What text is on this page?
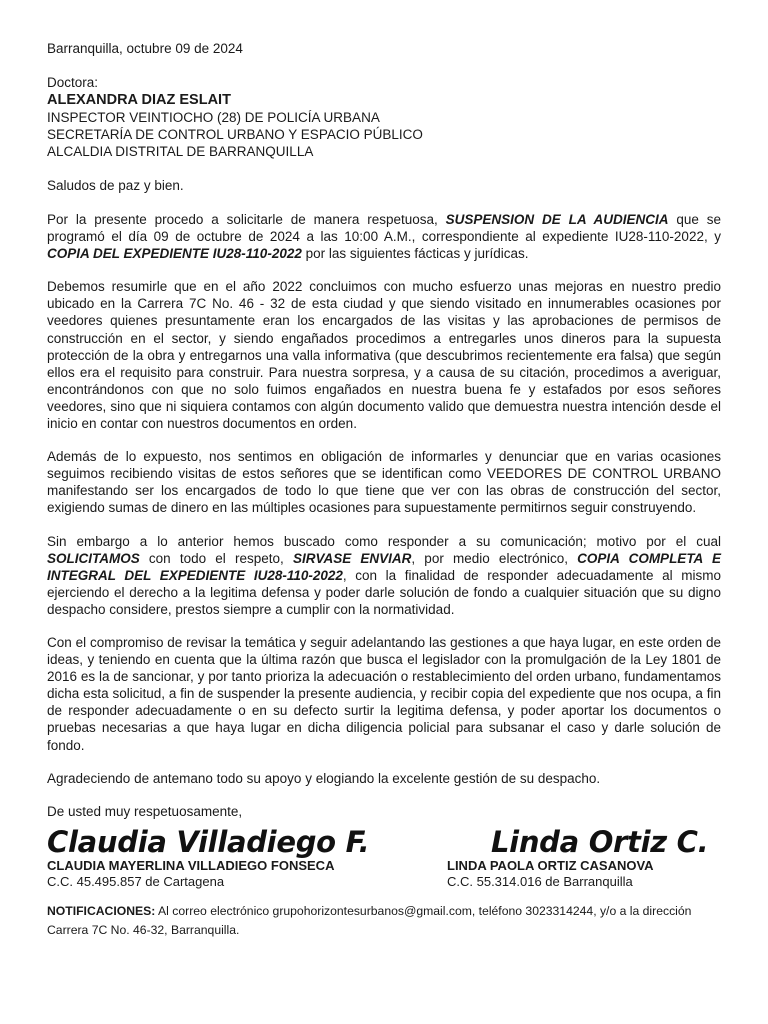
Barranquilla, octubre 09 de 2024
Doctora:
ALEXANDRA DIAZ ESLAIT
INSPECTOR VEINTIOCHO (28) DE POLICÍA URBANA
SECRETARÍA DE CONTROL URBANO Y ESPACIO PÚBLICO
ALCALDIA DISTRITAL DE BARRANQUILLA
Saludos de paz y bien.

Por la presente procedo a solicitarle de manera respetuosa, SUSPENSION DE LA AUDIENCIA que se programó el día 09 de octubre de 2024 a las 10:00 A.M., correspondiente al expediente IU28-110-2022, y COPIA DEL EXPEDIENTE IU28-110-2022 por las siguientes fácticas y jurídicas.

Debemos resumirle que en el año 2022 concluimos con mucho esfuerzo unas mejoras en nuestro predio ubicado en la Carrera 7C No. 46 - 32 de esta ciudad y que siendo visitado en innumerables ocasiones por veedores quienes presuntamente eran los encargados de las visitas y las aprobaciones de permisos de construcción en el sector, y siendo engañados procedimos a entregarles unos dineros para la supuesta protección de la obra y entregarnos una valla informativa (que descubrimos recientemente era falsa) que según ellos era el requisito para construir. Para nuestra sorpresa, y a causa de su citación, procedimos a averiguar, encontrándonos con que no solo fuimos engañados en nuestra buena fe y estafados por esos señores veedores, sino que ni siquiera contamos con algún documento valido que demuestra nuestra intención desde el inicio en contar con nuestros documentos en orden.

Además de lo expuesto, nos sentimos en obligación de informarles y denunciar que en varias ocasiones seguimos recibiendo visitas de estos señores que se identifican como VEEDORES DE CONTROL URBANO manifestando ser los encargados de todo lo que tiene que ver con las obras de construcción del sector, exigiendo sumas de dinero en las múltiples ocasiones para supuestamente permitirnos seguir construyendo.

Sin embargo a lo anterior hemos buscado como responder a su comunicación; motivo por el cual SOLICITAMOS con todo el respeto, SIRVASE ENVIAR, por medio electrónico, COPIA COMPLETA E INTEGRAL DEL EXPEDIENTE IU28-110-2022, con la finalidad de responder adecuadamente al mismo ejerciendo el derecho a la legitima defensa y poder darle solución de fondo a cualquier situación que su digno despacho considere, prestos siempre a cumplir con la normatividad.

Con el compromiso de revisar la temática y seguir adelantando las gestiones a que haya lugar, en este orden de ideas, y teniendo en cuenta que la última razón que busca el legislador con la promulgación de la Ley 1801 de 2016 es la de sancionar, y por tanto prioriza la adecuación o restablecimiento del orden urbano, fundamentamos dicha esta solicitud, a fin de suspender la presente audiencia, y recibir copia del expediente que nos ocupa, a fin de responder adecuadamente o en su defecto surtir la legitima defensa, y poder aportar los documentos o pruebas necesarias a que haya lugar en dicha diligencia policial para subsanar el caso y darle solución de fondo.

Agradeciendo de antemano todo su apoyo y elogiando la excelente gestión de su despacho.

De usted muy respetuosamente,
Claudia Villadiego F.
CLAUDIA MAYERLINA VILLADIEGO FONSECA
C.C. 45.495.857 de Cartagena
Linda Ortiz C.
LINDA PAOLA ORTIZ CASANOVA
C.C. 55.314.016 de Barranquilla
NOTIFICACIONES: Al correo electrónico grupohorizontesurbanos@gmail.com, teléfono 3023314244, y/o a la dirección Carrera 7C No. 46-32, Barranquilla.
